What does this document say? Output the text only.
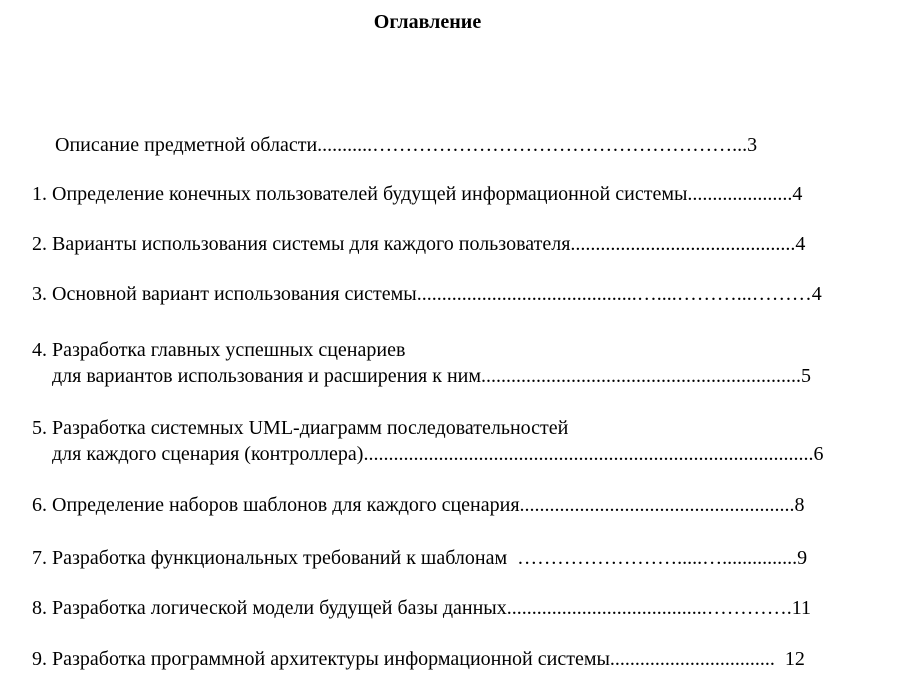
Оглавление

Описание предметной области...........………………………………………………...3

1. Определение конечных пользователей будущей информационной системы.....................4

2. Варианты использования системы для каждого пользователя.............................................4

3. Основной вариант использования системы............................................…....………...………4

4. Разработка главных успешных сценариев

для вариантов использования и расширения к ним................................................................5

5. Разработка системных UML-диаграмм последовательностей

для каждого сценария (контроллера)..........................................................................................6

6. Определение наборов шаблонов для каждого сценария.......................................................8

7. Разработка функциональных требований к шаблонам  …………………….....…...............9

8. Разработка логической модели будущей базы данных........................................………….11

9. Разработка программной архитектуры информационной системы.................................  12
